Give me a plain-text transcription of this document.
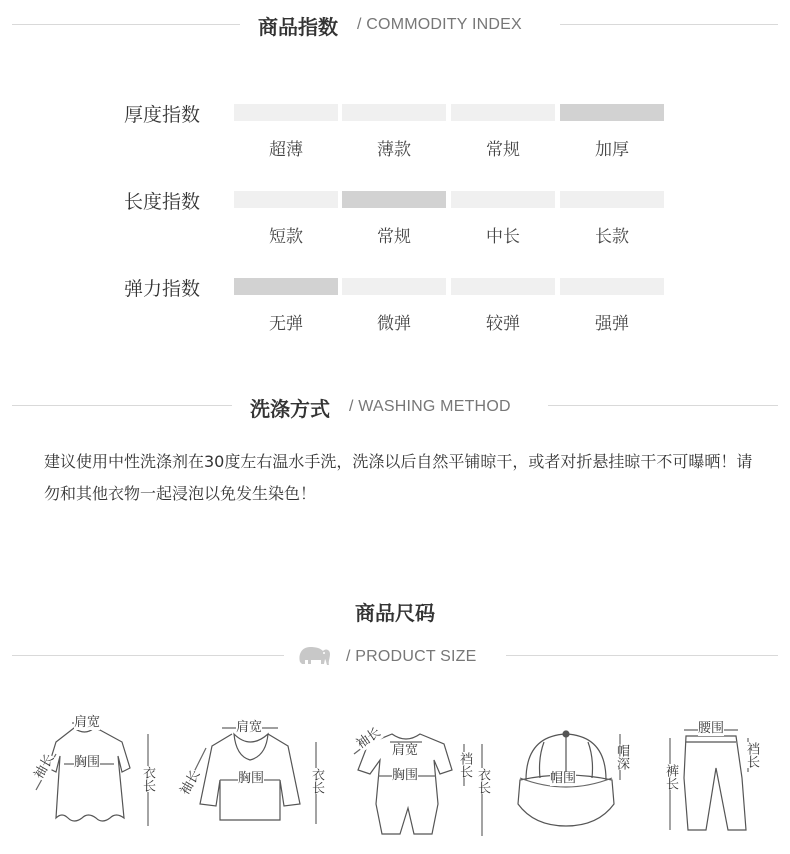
商品指数 / COMMODITY INDEX
厚度指数
超薄	薄款	常规	加厚
长度指数
短款	常规	中长	长款
弹力指数
无弹	微弹	较弹	强弹
洗涤方式 / WASHING METHOD
建议使用中性洗涤剂在30度左右温水手洗，洗涤以后自然平铺晾干，或者对折悬挂晾干不可曝晒！请勿和其他衣物一起浸泡以免发生染色！
商品尺码
/ PRODUCT SIZE
肩宽
袖长 胸围
衣长
肩宽
袖长	胸围	衣长
袖长 肩宽
胸围	裆长
衣长	帽围
帽深
腰围
裤长
裆长
